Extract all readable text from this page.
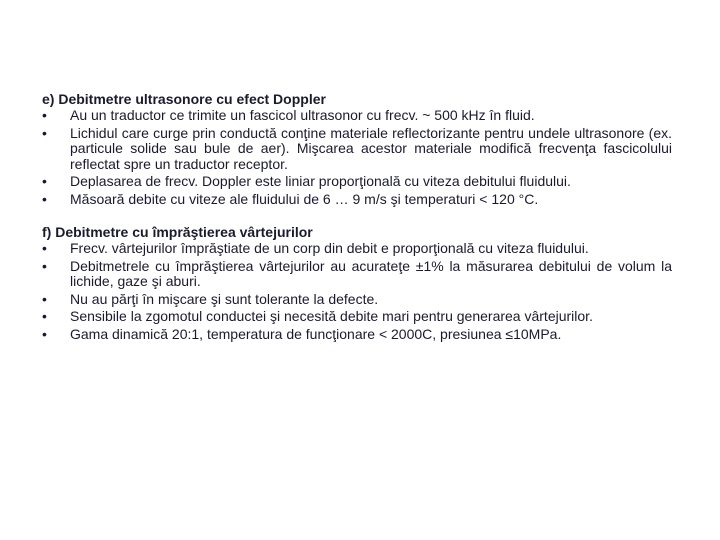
e) Debitmetre ultrasonore cu efect Doppler

•	Au un traductor ce trimite un fascicol ultrasonor cu frecv. ~ 500 kHz în fluid.
•	Lichidul care curge prin conductă conţine materiale reflectorizante pentru undele ultrasonore (ex. particule solide sau bule de aer). Mişcarea acestor materiale modifică frecvenţa fascicolului reflectat spre un traductor receptor.
•	Deplasarea de frecv. Doppler este liniar proporţională cu viteza debitului fluidului.
•	Măsoară debite cu viteze ale fluidului de 6 … 9 m/s şi temperaturi < 120 °C.

f) Debitmetre cu împrăştierea vârtejurilor

•	Frecv. vârtejurilor împrăştiate de un corp din debit e proporţională cu viteza fluidului.
•	Debitmetrele cu împrăştierea vârtejurilor au acurateţe ±1% la măsurarea debitului de volum la lichide, gaze şi aburi.
•	Nu au părţi în mişcare şi sunt tolerante la defecte.
•	Sensibile la zgomotul conductei şi necesită debite mari pentru generarea vârtejurilor.
•	Gama dinamică 20:1, temperatura de funcţionare < 2000C, presiunea ≤10MPa.
